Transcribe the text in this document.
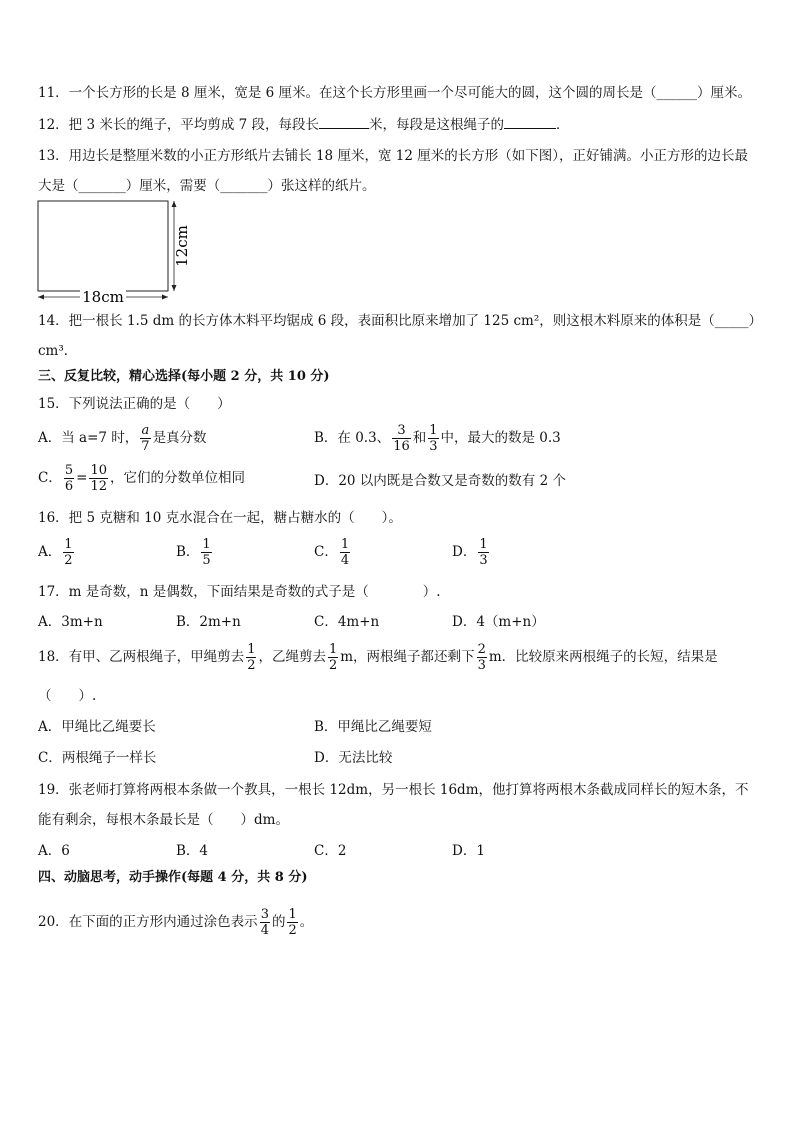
11．一个长方形的长是 8 厘米，宽是 6 厘米。在这个长方形里画一个尽可能大的圆，这个圆的周长是（______）厘米。
12．把 3 米长的绳子，平均剪成 7 段，每段长	米，每段是这根绳子的	．
13．用边长是整厘米数的小正方形纸片去铺长 18 厘米，宽 12 厘米的长方形（如下图），正好铺满。小正方形的边长最
大是（_______）厘米，需要（_______）张这样的纸片。
12cm
18cm
14．把一根长 1.5 dm 的长方体木料平均锯成 6 段，表面积比原来增加了 125 cm²，则这根木料原来的体积是（_____）
cm³．
三、反复比较，精心选择(每小题 2 分，共 10 分)
15．下列说法正确的是（　　）
A．当 a=7 时， $\frac{a}{7}$ 是真分数	B．在 0.3、 $\frac{3}{16}$ 和 $\frac{1}{3}$ 中，最大的数是 0.3
C． $\frac{5}{6} = \frac{10}{12}$ ，它们的分数单位相同	D．20 以内既是合数又是奇数的数有 2 个
16．把 5 克糖和 10 克水混合在一起，糖占糖水的（　　）。
A． $\frac{1}{2}$	B． $\frac{1}{5}$	C． $\frac{1}{4}$	D． $\frac{1}{3}$
17．m 是奇数，n 是偶数，下面结果是奇数的式子是（　　　　）.
A．3m+n	B．2m+n	C．4m+n	D．4（m+n）
18．有甲、乙两根绳子，甲绳剪去 $\frac{1}{2}$ ，乙绳剪去 $\frac{1}{2}$ m，两根绳子都还剩下 $\frac{2}{3}$ m．比较原来两根绳子的长短，结果是
（　　）.
A．甲绳比乙绳要长	B．甲绳比乙绳要短
C．两根绳子一样长	D．无法比较
19．张老师打算将两根本条做一个教具，一根长 12dm，另一根长 16dm，他打算将两根木条截成同样长的短木条，不
能有剩余，每根木条最长是（　　）dm。
A．6	B．4	C．2	D．1
四、动脑思考，动手操作(每题 4 分，共 8 分)
20．在下面的正方形内通过涂色表示 $\frac{3}{4}$ 的 $\frac{1}{2}$ 。
